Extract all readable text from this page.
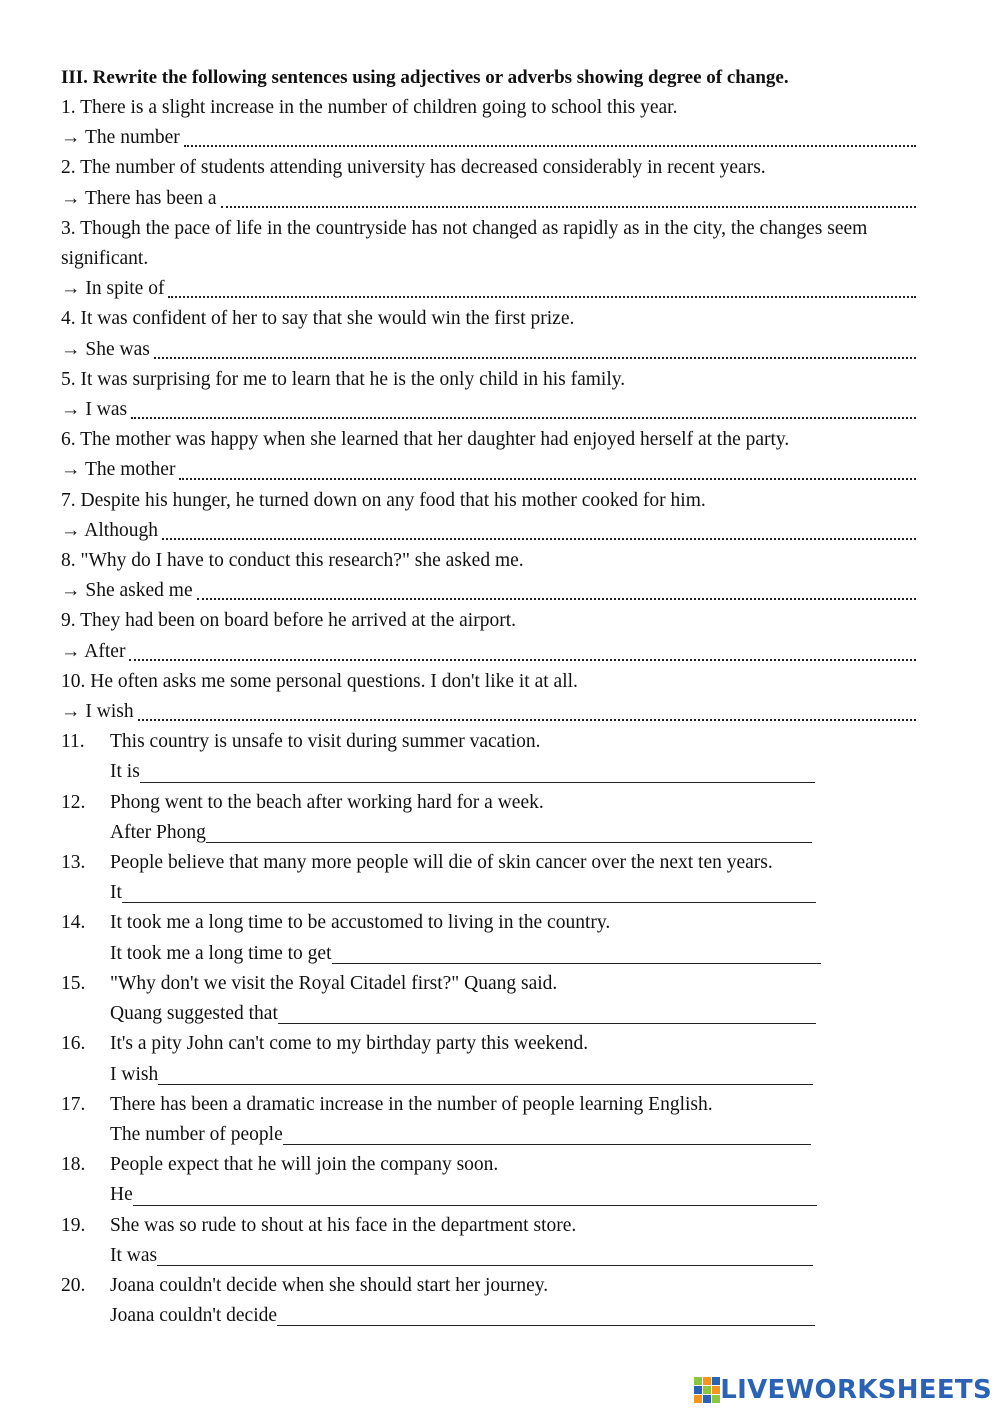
III. Rewrite the following sentences using adjectives or adverbs showing degree of change.
1. There is a slight increase in the number of children going to school this year.
→ The number
2. The number of students attending university has decreased considerably in recent years.
→ There has been a
3. Though the pace of life in the countryside has not changed as rapidly as in the city, the changes seem significant.
→ In spite of
4. It was confident of her to say that she would win the first prize.
→ She was
5. It was surprising for me to learn that he is the only child in his family.
→ I was
6. The mother was happy when she learned that her daughter had enjoyed herself at the party.
→ The mother
7. Despite his hunger, he turned down on any food that his mother cooked for him.
→ Although
8. "Why do I have to conduct this research?" she asked me.
→ She asked me
9. They had been on board before he arrived at the airport.
→ After
10. He often asks me some personal questions. I don't like it at all.
→ I wish
11.	This country is unsafe to visit during summer vacation.
It is
12.	Phong went to the beach after working hard for a week.
After Phong
13.	People believe that many more people will die of skin cancer over the next ten years.
It
14.	It took me a long time to be accustomed to living in the country.
It took me a long time to get
15.	"Why don't we visit the Royal Citadel first?" Quang said.
Quang suggested that
16.	It's a pity John can't come to my birthday party this weekend.
I wish
17.	There has been a dramatic increase in the number of people learning English.
The number of people
18.	People expect that he will join the company soon.
He
19.	She was so rude to shout at his face in the department store.
It was
20.	Joana couldn't decide when she should start her journey.
Joana couldn't decide
LIVEWORKSHEETS
